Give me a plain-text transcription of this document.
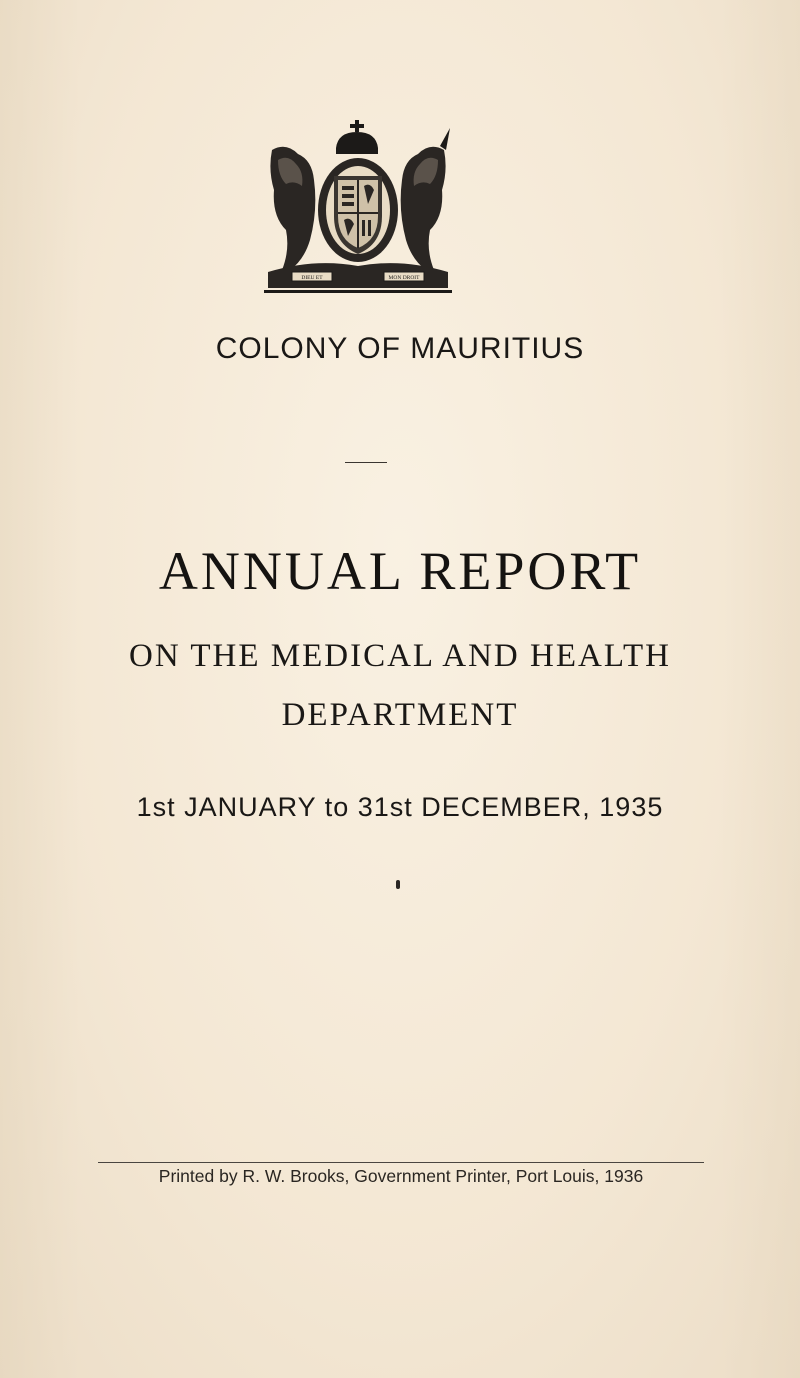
DIEU ET	MON DROIT
COLONY OF MAURITIUS
ANNUAL REPORT
ON THE MEDICAL AND HEALTH
DEPARTMENT
1st JANUARY to 31st DECEMBER, 1935
Printed by R. W. Brooks, Government Printer, Port Louis, 1936
